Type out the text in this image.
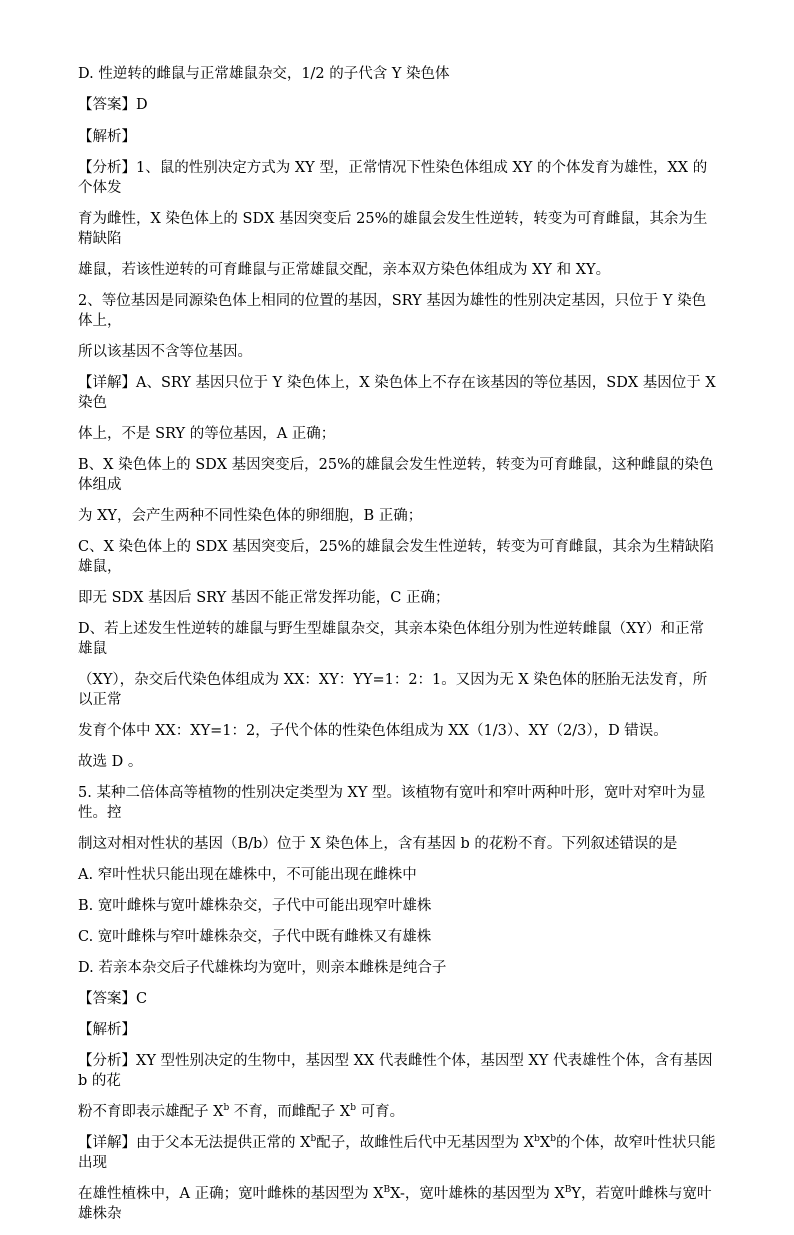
D. 性逆转的雌鼠与正常雄鼠杂交，1/2 的子代含 Y 染色体

【答案】D

【解析】

【分析】1、鼠的性别决定方式为 XY 型，正常情况下性染色体组成 XY 的个体发育为雄性，XX 的个体发

育为雌性，X 染色体上的 SDX 基因突变后 25%的雄鼠会发生性逆转，转变为可育雌鼠，其余为生精缺陷

雄鼠，若该性逆转的可育雌鼠与正常雄鼠交配，亲本双方染色体组成为 XY 和 XY。

2、等位基因是同源染色体上相同的位置的基因，SRY 基因为雄性的性别决定基因，只位于 Y 染色体上，

所以该基因不含等位基因。

【详解】A、SRY 基因只位于 Y 染色体上，X 染色体上不存在该基因的等位基因，SDX 基因位于 X 染色

体上，不是 SRY 的等位基因，A 正确；

B、X 染色体上的 SDX 基因突变后，25%的雄鼠会发生性逆转，转变为可育雌鼠，这种雌鼠的染色体组成

为 XY，会产生两种不同性染色体的卵细胞，B 正确；

C、X 染色体上的 SDX 基因突变后，25%的雄鼠会发生性逆转，转变为可育雌鼠，其余为生精缺陷雄鼠，

即无 SDX 基因后 SRY 基因不能正常发挥功能，C 正确；

D、若上述发生性逆转的雄鼠与野生型雄鼠杂交，其亲本染色体组分别为性逆转雌鼠（XY）和正常雄鼠

（XY），杂交后代染色体组成为 XX：XY：YY=1：2：1。又因为无 X 染色体的胚胎无法发育，所以正常

发育个体中 XX：XY=1：2，子代个体的性染色体组成为 XX（1/3）、XY（2/3），D 错误。

故选 D 。

5. 某种二倍体高等植物的性别决定类型为 XY 型。该植物有宽叶和窄叶两种叶形，宽叶对窄叶为显性。控

制这对相对性状的基因（B/b）位于 X 染色体上，含有基因 b 的花粉不育。下列叙述错误的是

A. 窄叶性状只能出现在雄株中，不可能出现在雌株中

B. 宽叶雌株与宽叶雄株杂交，子代中可能出现窄叶雄株

C. 宽叶雌株与窄叶雄株杂交，子代中既有雌株又有雄株

D. 若亲本杂交后子代雄株均为宽叶，则亲本雌株是纯合子

【答案】C

【解析】

【分析】XY 型性别决定的生物中，基因型 XX 代表雌性个体，基因型 XY 代表雄性个体，含有基因 b 的花

粉不育即表示雄配子 $X^b$ 不育，而雌配子 $X^b$ 可育。

【详解】由于父本无法提供正常的 $X^b$配子，故雌性后代中无基因型为 $X^bX^b$的个体，故窄叶性状只能出现

在雄性植株中，A 正确；宽叶雌株的基因型为 $X^BX-$，宽叶雄株的基因型为 $X^BY$，若宽叶雌株与宽叶雄株杂
